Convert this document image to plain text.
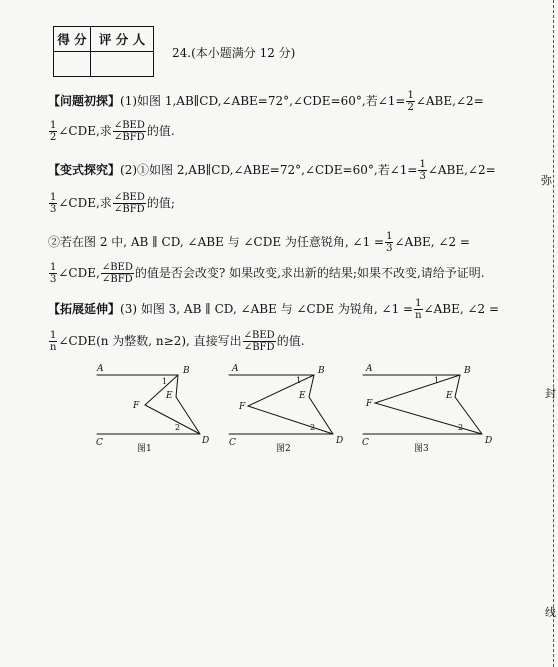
弥
封
线
得 分	评 分 人

24.(本小题满分 12 分)
【问题初探】(1)如图 1,AB∥CD,∠ABE=72°,∠CDE=60°,若∠1= $\frac{1}{2}$ ∠ABE,∠2=
$\frac{1}{2}$ ∠CDE,求 $\frac{\text{∠BED}}{\text{∠BFD}}$ 的值.
【变式探究】(2)①如图 2,AB∥CD,∠ABE=72°,∠CDE=60°,若∠1= $\frac{1}{3}$ ∠ABE,∠2=
$\frac{1}{3}$ ∠CDE,求 $\frac{\text{∠BED}}{\text{∠BFD}}$ 的值;
②若在图 2 中, AB ∥ CD, ∠ABE 与 ∠CDE 为任意锐角, ∠1 = $\frac{1}{3}$ ∠ABE, ∠2 =
$\frac{1}{3}$ ∠CDE, $\frac{\text{∠BED}}{\text{∠BFD}}$ 的值是否会改变? 如果改变,求出新的结果;如果不改变,请给予证明.
【拓展延伸】(3) 如图 3, AB ∥ CD, ∠ABE 与 ∠CDE 为锐角, ∠1 = $\frac{1}{n}$ ∠ABE, ∠2 =
$\frac{1}{n}$ ∠CDE(n 为整数, n≥2), 直接写出 $\frac{\text{∠BED}}{\text{∠BFD}}$ 的值.
A	B
C	D
E
F
1
2
图1
A	B
C	D
E
F
1
2
图2
A	B
C	D
E
F
1
2
图3
